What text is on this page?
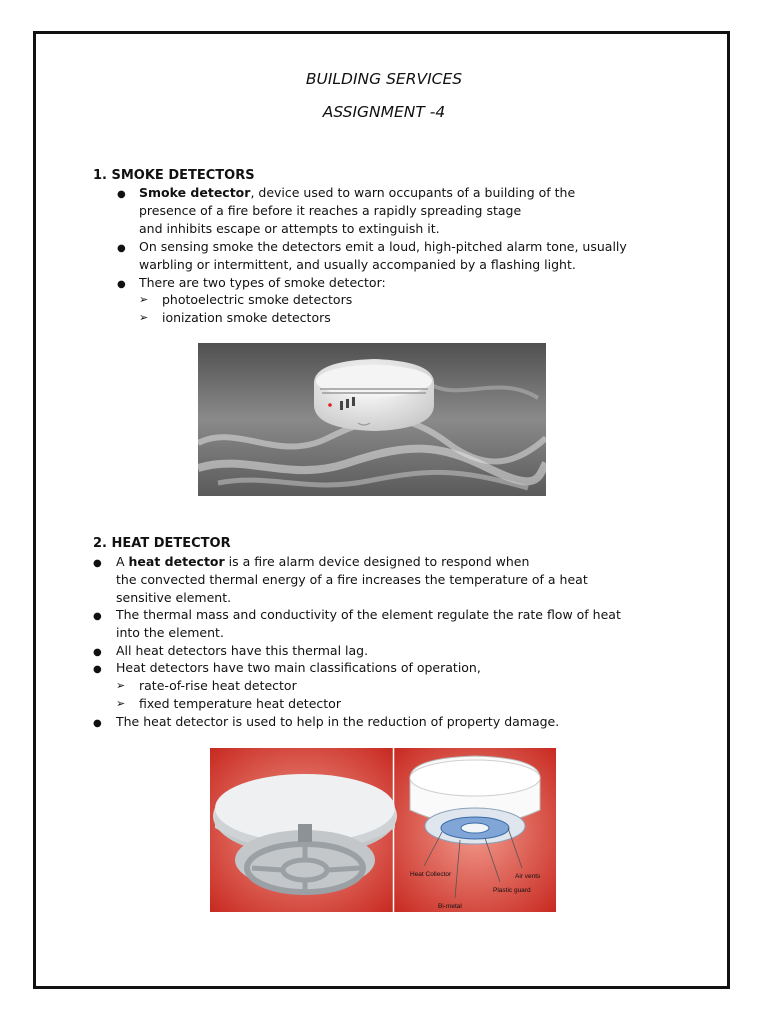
BUILDING SERVICES
ASSIGNMENT -4
1. SMOKE DETECTORS
● Smoke detector, device used to warn occupants of a building of the
presence of a fire before it reaches a rapidly spreading stage
and inhibits escape or attempts to extinguish it.
● On sensing smoke the detectors emit a loud, high-pitched alarm tone, usually
warbling or intermittent, and usually accompanied by a flashing light.
● There are two types of smoke detector:
➢ photoelectric smoke detectors
➢ ionization smoke detectors
2. HEAT DETECTOR
● A heat detector is a fire alarm device designed to respond when
the convected thermal energy of a fire increases the temperature of a heat
sensitive element.
● The thermal mass and conductivity of the element regulate the rate flow of heat
into the element.
● All heat detectors have this thermal lag.
● Heat detectors have two main classifications of operation,
➢ rate-of-rise heat detector
➢ fixed temperature heat detector
● The heat detector is used to help in the reduction of property damage.
Heat Collector	Air vents
Plastic guard
Bi-metal
